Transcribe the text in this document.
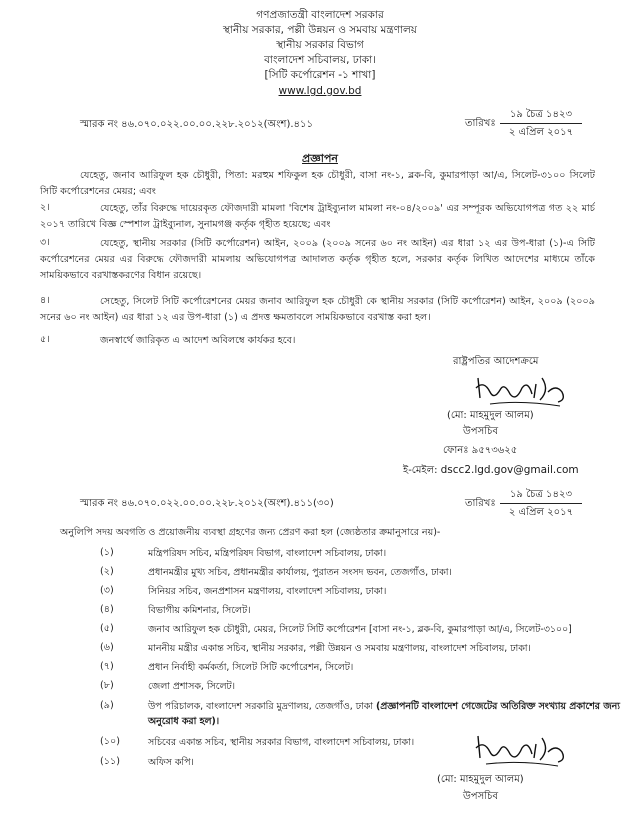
গণপ্রজাতন্ত্রী বাংলাদেশ সরকার
স্থানীয় সরকার, পল্লী উন্নয়ন ও সমবায় মন্ত্রণালয়
স্থানীয় সরকার বিভাগ
বাংলাদেশ সচিবালয়, ঢাকা।
[সিটি কর্পোরেশন -১ শাখা]
www.lgd.gov.bd
স্মারক নং ৪৬.০৭০.০২২.০০.০০.২২৮.২০১২(অংশ).৪১১	তারিখঃ
১৯ চৈত্র ১৪২৩
২ এপ্রিল ২০১৭
প্রজ্ঞাপন
যেহেতু, জনাব আরিফুল হক চৌধুরী, পিতা: মরহুম শফিকুল হক চৌধুরী, বাসা নং-১, ব্লক-বি, কুমারপাড়া আ/এ, সিলেট-৩১০০ সিলেট সিটি কর্পোরেশনের মেয়র; এবং
২।	যেহেতু, তাঁর বিরুদ্ধে দায়েরকৃত ফৌজদারী মামলা 'বিশেষ ট্রাইব্যুনাল মামলা নং-০৪/২০০৯' এর সম্পূরক অভিযোগপত্র গত ২২ মার্চ ২০১৭ তারিখে বিজ্ঞ স্পেশাল ট্রাইব্যুনাল, সুনামগঞ্জ কর্তৃক গৃহীত হয়েছে; এবং
৩।	যেহেতু, স্থানীয় সরকার (সিটি কর্পোরেশন) আইন, ২০০৯ (২০০৯ সনের ৬০ নং আইন) এর ধারা ১২ এর উপ-ধারা (১)-এ সিটি কর্পোরেশনের মেয়র এর বিরুদ্ধে ফৌজদারী মামলায় অভিযোগপত্র আদালত কর্তৃক গৃহীত হলে, সরকার কর্তৃক লিখিত আদেশের মাধ্যমে তাঁকে সাময়িকভাবে বরখাস্তকরণের বিধান রয়েছে।
৪।	সেহেতু, সিলেট সিটি কর্পোরেশনের মেয়র জনাব আরিফুল হক চৌধুরী কে স্থানীয় সরকার (সিটি কর্পোরেশন) আইন, ২০০৯ (২০০৯ সনের ৬০ নং আইন) এর ধারা ১২ এর উপ-ধারা (১) এ প্রদত্ত ক্ষমতাবলে সাময়িকভাবে বরখাস্ত করা হল।
৫।	জনস্বার্থে জারিকৃত এ আদেশ অবিলম্বে কার্যকর হবে।
রাষ্ট্রপতির আদেশক্রমে
(মো: মাহমুদুল আলম)
উপসচিব
ফোনঃ ৯৫৭৩৬২৫
ই-মেইল: dscc2.lgd.gov@gmail.com
স্মারক নং ৪৬.০৭০.০২২.০০.০০.২২৮.২০১২(অংশ).৪১১(৩০)	তারিখঃ
১৯ চৈত্র ১৪২৩
২ এপ্রিল ২০১৭
অনুলিপি সদয় অবগতি ও প্রয়োজনীয় ব্যবস্থা গ্রহণের জন্য প্রেরণ করা হল (জ্যেষ্ঠতার ক্রমানুসারে নয়)-
(১)	মন্ত্রিপরিষদ সচিব, মন্ত্রিপরিষদ বিভাগ, বাংলাদেশ সচিবালয়, ঢাকা।
(২)	প্রধানমন্ত্রীর মুখ্য সচিব, প্রধানমন্ত্রীর কার্যালয়, পুরাতন সংসদ ভবন, তেজগাঁও, ঢাকা।
(৩)	সিনিয়র সচিব, জনপ্রশাসন মন্ত্রণালয়, বাংলাদেশ সচিবালয়, ঢাকা।
(৪)	বিভাগীয় কমিশনার, সিলেট।
(৫)	জনাব আরিফুল হক চৌধুরী, মেয়র, সিলেট সিটি কর্পোরেশন [বাসা নং-১, ব্লক-বি, কুমারপাড়া আ/এ, সিলেট-৩১০০]
(৬)	মাননীয় মন্ত্রীর একান্ত সচিব, স্থানীয় সরকার, পল্লী উন্নয়ন ও সমবায় মন্ত্রণালয়, বাংলাদেশ সচিবালয়, ঢাকা।
(৭)	প্রধান নির্বাহী কর্মকর্তা, সিলেট সিটি কর্পোরেশন, সিলেট।
(৮)	জেলা প্রশাসক, সিলেট।
(৯)	উপ পরিচালক, বাংলাদেশ সরকারি মুদ্রণালয়, তেজগাঁও, ঢাকা (প্রজ্ঞাপনটি বাংলাদেশ গেজেটের অতিরিক্ত সংখ্যায় প্রকাশের জন্য
অনুরোধ করা হল)।
(১০)	সচিবের একান্ত সচিব, স্থানীয় সরকার বিভাগ, বাংলাদেশ সচিবালয়, ঢাকা।
(১১)	অফিস কপি।
(মো: মাহমুদুল আলম)
উপসচিব
